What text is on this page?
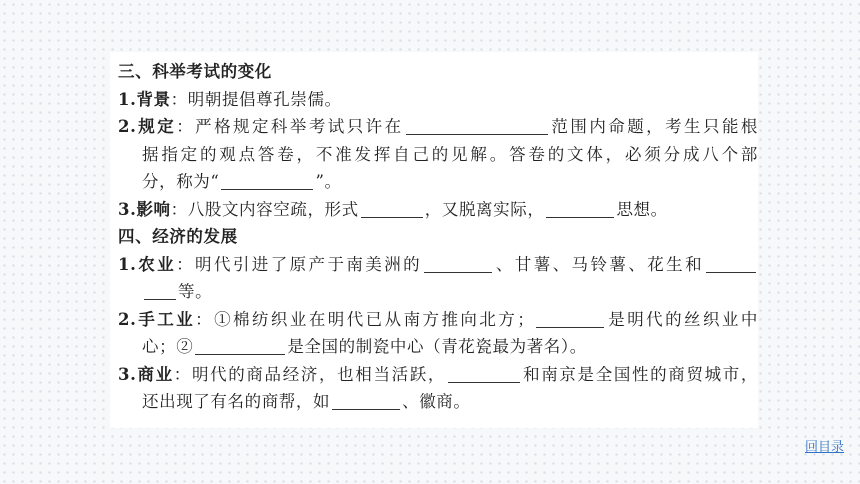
三、科举考试的变化
1.背景：明朝提倡尊孔崇儒。
2.规定：严格规定科举考试只许在	范围内命题，考生只能根
据指定的观点答卷，不准发挥自己的见解。答卷的文体，必须分成八个部
分，称为“	”。
3.影响：八股文内容空疏，形式	，又脱离实际，	思想。
四、经济的发展
1.农业：明代引进了原产于南美洲的	、甘薯、马铃薯、花生和
等。
2.手工业：①棉纺织业在明代已从南方推向北方；	是明代的丝织业中
心；②	是全国的制瓷中心（青花瓷最为著名）。
3.商业：明代的商品经济，也相当活跃，	和南京是全国性的商贸城市，
还出现了有名的商帮，如	、徽商。
回目录
